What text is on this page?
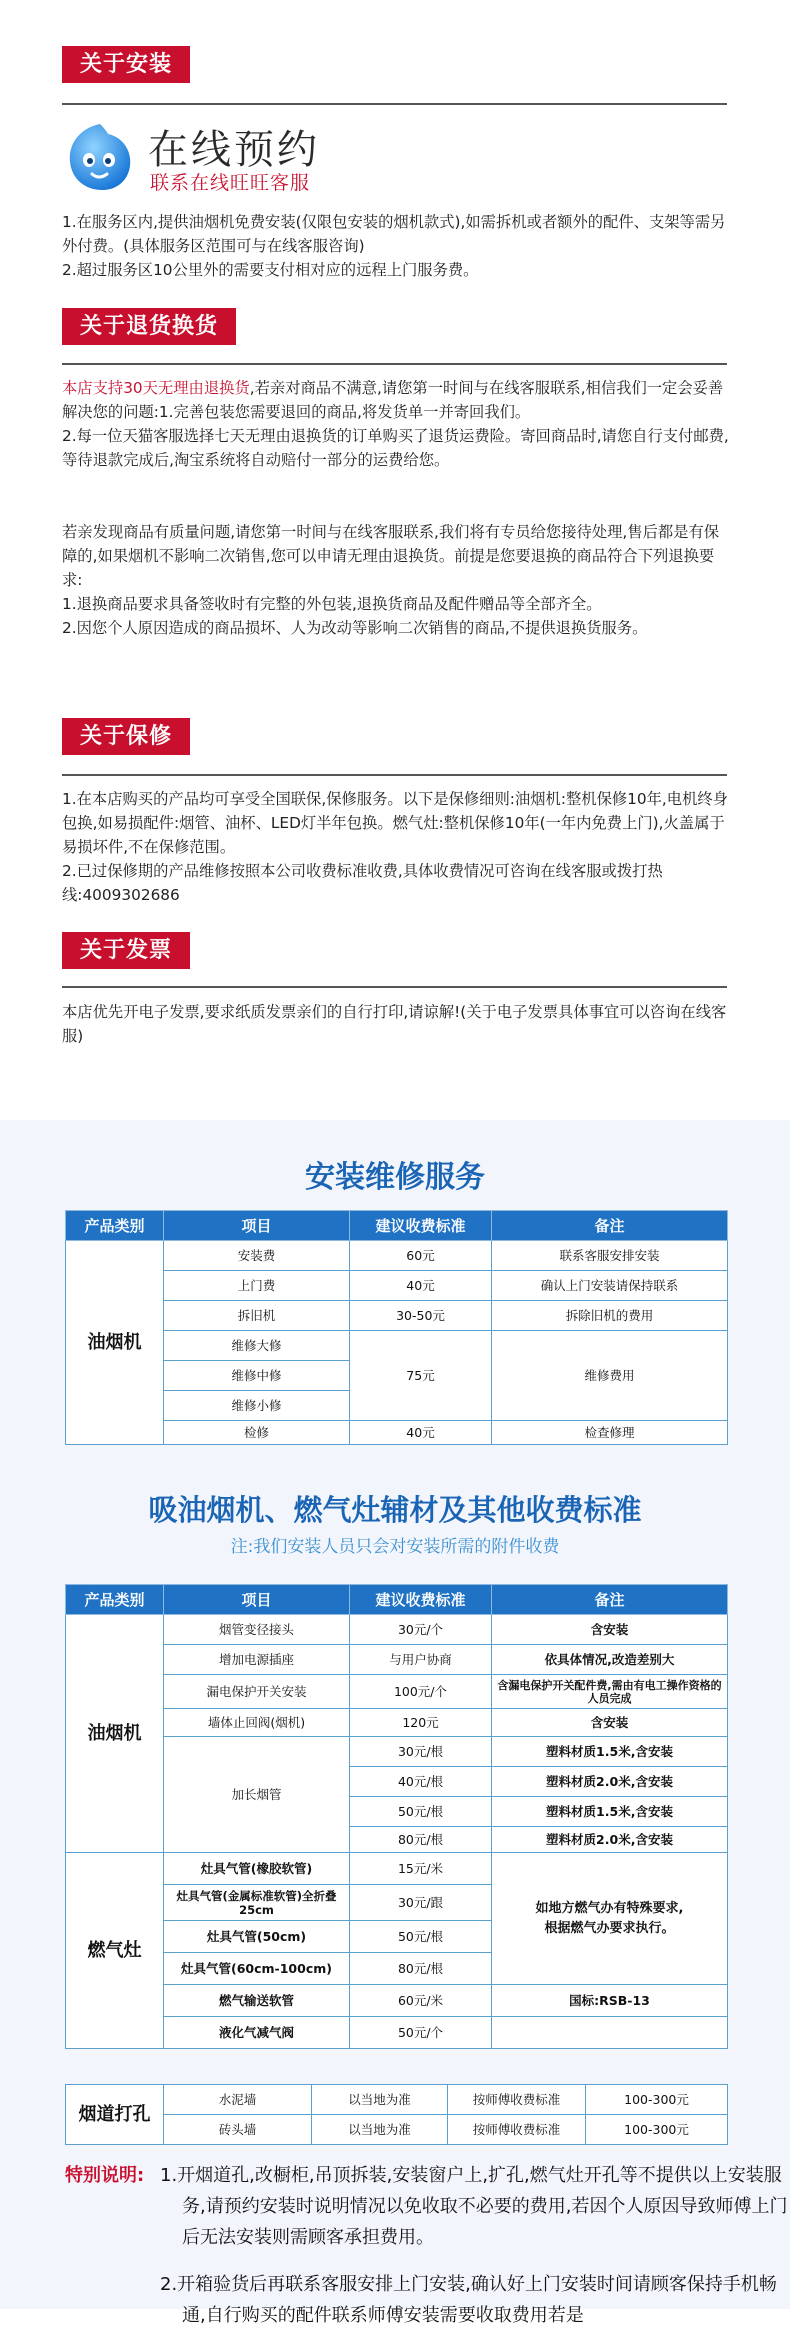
关于安装
在线预约
联系在线旺旺客服

1.在服务区内,提供油烟机免费安装(仅限包安装的烟机款式),如需拆机或者额外的配件、支架等需另外付费。(具体服务区范围可与在线客服咨询)

2.超过服务区10公里外的需要支付相对应的远程上门服务费。

关于退货换货

本店支持30天无理由退换货,若亲对商品不满意,请您第一时间与在线客服联系,相信我们一定会妥善解决您的问题:1.完善包装您需要退回的商品,将发货单一并寄回我们。

2.每一位天猫客服选择七天无理由退换货的订单购买了退货运费险。寄回商品时,请您自行支付邮费,等待退款完成后,淘宝系统将自动赔付一部分的运费给您。

若亲发现商品有质量问题,请您第一时间与在线客服联系,我们将有专员给您接待处理,售后都是有保障的,如果烟机不影响二次销售,您可以申请无理由退换货。前提是您要退换的商品符合下列退换要求:

1.退换商品要求具备签收时有完整的外包装,退换货商品及配件赠品等全部齐全。

2.因您个人原因造成的商品损坏、人为改动等影响二次销售的商品,不提供退换货服务。

关于保修

1.在本店购买的产品均可享受全国联保,保修服务。以下是保修细则:油烟机:整机保修10年,电机终身包换,如易损配件:烟管、油杯、LED灯半年包换。燃气灶:整机保修10年(一年内免费上门),火盖属于易损坏件,不在保修范围。

2.已过保修期的产品维修按照本公司收费标准收费,具体收费情况可咨询在线客服或拨打热线:4009302686

关于发票

本店优先开电子发票,要求纸质发票亲们的自行打印,请谅解!(关于电子发票具体事宜可以咨询在线客服)

安装维修服务
产品类别	项目	建议收费标准	备注
油烟机	安装费	60元	联系客服安排安装
	上门费	40元	确认上门安装请保持联系
	拆旧机	30-50元	拆除旧机的费用
	维修大修	75元	维修费用
	维修中修		
	维修小修		
	检修	40元	检查修理
吸油烟机、燃气灶辅材及其他收费标准
注:我们安装人员只会对安装所需的附件收费
产品类别	项目	建议收费标准	备注
油烟机	烟管变径接头	30元/个	含安装
	增加电源插座	与用户协商	依具体情况,改造差别大
	漏电保护开关安装	100元/个	含漏电保护开关配件费,需由有电工操作资格的人员完成
	墙体止回阀(烟机)	120元	含安装
	加长烟管	30元/根	塑料材质1.5米,含安装
		40元/根	塑料材质2.0米,含安装
		50元/根	塑料材质1.5米,含安装
		80元/根	塑料材质2.0米,含安装
燃气灶	灶具气管(橡胶软管)	15元/米	如地方燃气办有特殊要求,根据燃气办要求执行。
	灶具气管(金属标准软管)全折叠25cm	30元/跟	
	灶具气管(50cm)	50元/根	
	灶具气管(60cm-100cm)	80元/根	
	燃气输送软管	60元/米	国标:RSB-13
	液化气减气阀	50元/个	
烟道打孔	水泥墙	以当地为准	按师傅收费标准	100-300元
	砖头墙	以当地为准	按师傅收费标准	100-300元
特别说明: 1.开烟道孔,改橱柜,吊顶拆装,安装窗户上,扩孔,燃气灶开孔等不提供以上安装服务,请预约安装时说明情况以免收取不必要的费用,若因个人原因导致师傅上门后无法安装则需顾客承担费用。

2.开箱验货后再联系客服安排上门安装,确认好上门安装时间请顾客保持手机畅通,自行购买的配件联系师傅安装需要收取费用若是
